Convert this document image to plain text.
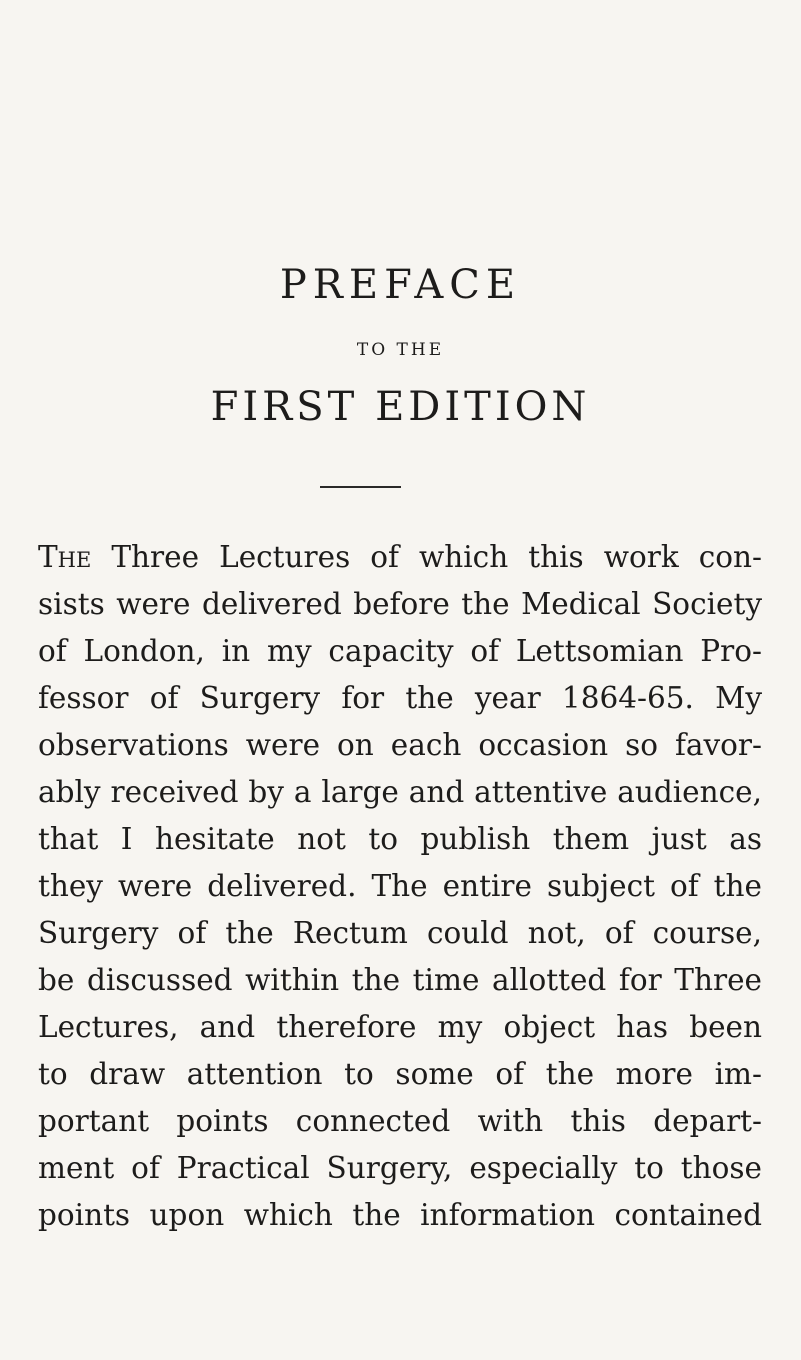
PREFACE
TO THE
FIRST EDITION
The Three Lectures of which this work con-
sists were delivered before the Medical Society
of London, in my capacity of Lettsomian Pro-
fessor of Surgery for the year 1864-65. My
observations were on each occasion so favor-
ably received by a large and attentive audience,
that I hesitate not to publish them just as
they were delivered. The entire subject of the
Surgery of the Rectum could not, of course,
be discussed within the time allotted for Three
Lectures, and therefore my object has been
to draw attention to some of the more im-
portant points connected with this depart-
ment of Practical Surgery, especially to those
points upon which the information contained
